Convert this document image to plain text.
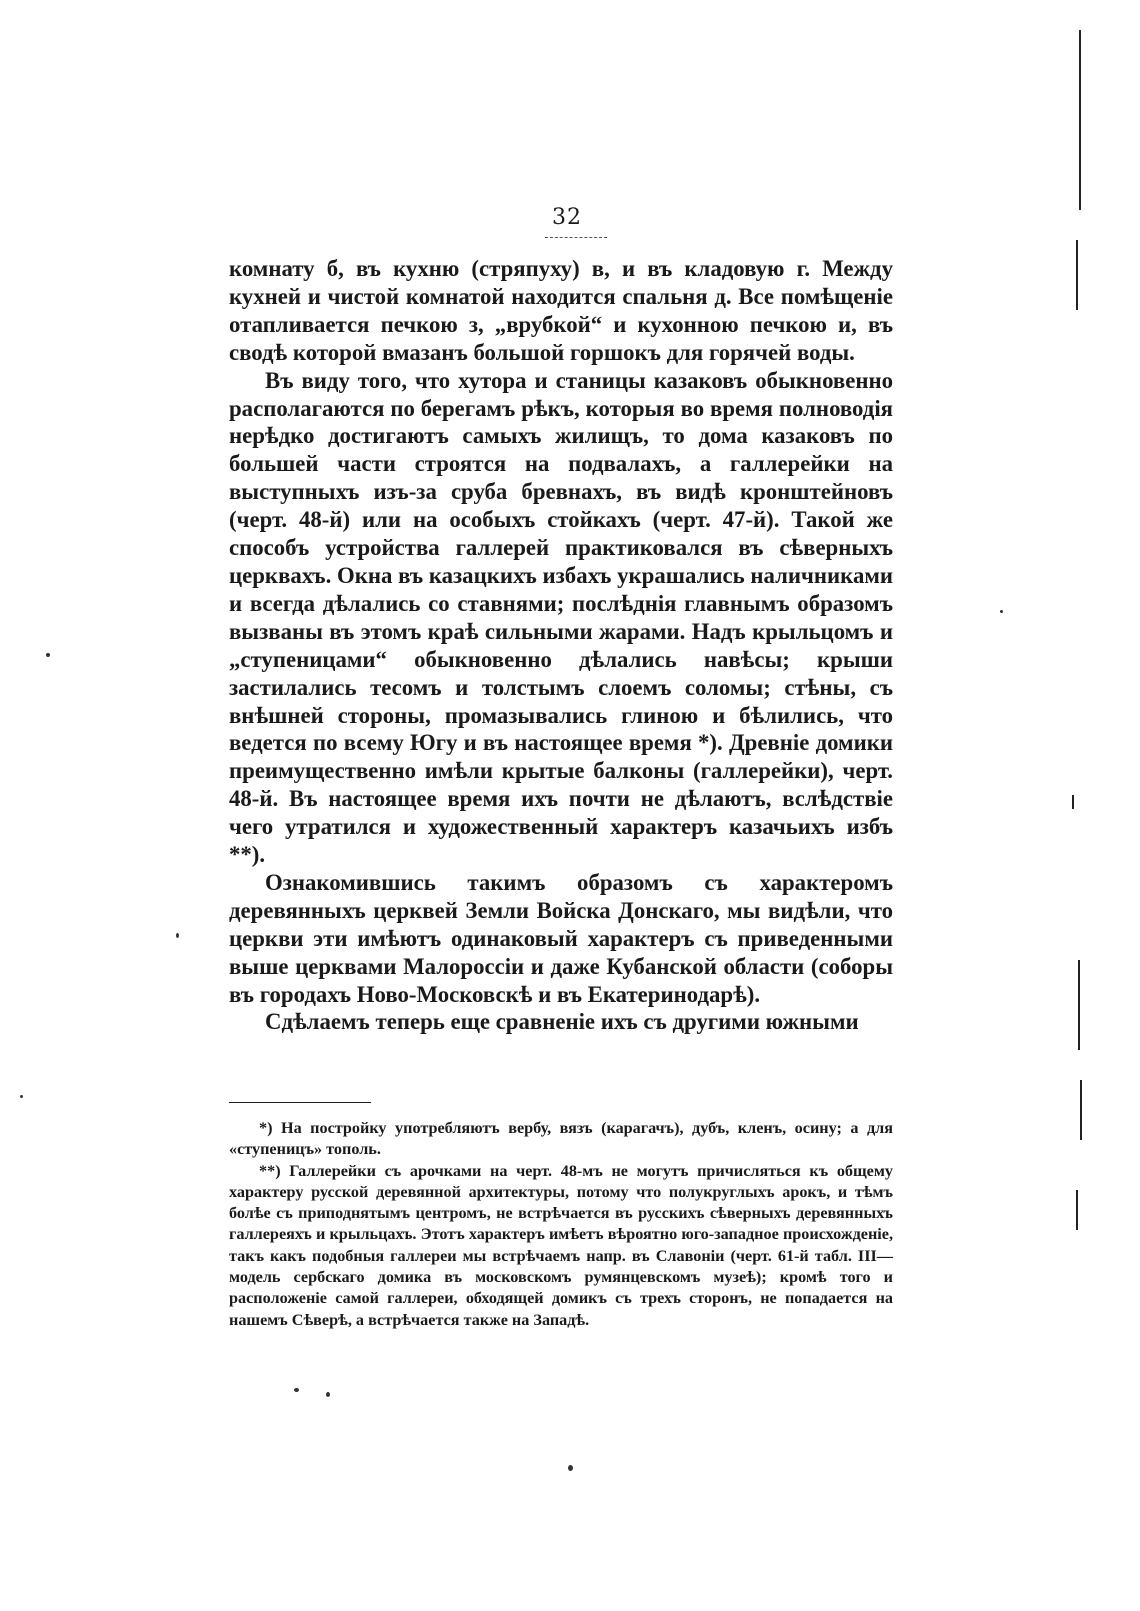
32

комнату б, въ кухню (стряпуху) в, и въ кладовую г. Между кухней и чистой комнатой находится спальня д. Все помѣщеніе отапливается печкою з, „врубкой“ и кухонною печкою и, въ сводѣ которой вмазанъ большой горшокъ для горячей воды.

Въ виду того, что хутора и станицы казаковъ обыкновенно располагаются по берегамъ рѣкъ, которыя во время полноводія нерѣдко достигаютъ самыхъ жилищъ, то дома казаковъ по большей части строятся на подвалахъ, а галлерейки на выступныхъ изъ-за сруба бревнахъ, въ видѣ кронштейновъ (черт. 48-й) или на особыхъ стойкахъ (черт. 47-й). Такой же способъ устройства галлерей практиковался въ сѣверныхъ церквахъ. Окна въ казацкихъ избахъ украшались наличниками и всегда дѣлались со ставнями; послѣднія главнымъ образомъ вызваны въ этомъ краѣ сильными жарами. Надъ крыльцомъ и „ступеницами“ обыкновенно дѣлались навѣсы; крыши застилались тесомъ и толстымъ слоемъ соломы; стѣны, съ внѣшней стороны, промазывались глиною и бѣлились, что ведется по всему Югу и въ настоящее время *). Древніе домики преимущественно имѣли крытые балконы (галлерейки), черт. 48-й. Въ настоящее время ихъ почти не дѣлаютъ, вслѣдствіе чего утратился и художественный характеръ казачьихъ избъ **).

Ознакомившись такимъ образомъ съ характеромъ деревянныхъ церквей Земли Войска Донскаго, мы видѣли, что церкви эти имѣютъ одинаковый характеръ съ приведенными выше церквами Малороссіи и даже Кубанской области (соборы въ городахъ Ново-Московскѣ и въ Екатеринодарѣ).

Сдѣлаемъ теперь еще сравненіе ихъ съ другими южными

*) На постройку употребляютъ вербу, вязъ (карагачъ), дубъ, кленъ, осину; а для «ступеницъ» тополь.

**) Галлерейки съ арочками на черт. 48-мъ не могутъ причисляться къ общему характеру русской деревянной архитектуры, потому что полукруглыхъ арокъ, и тѣмъ болѣе съ приподнятымъ центромъ, не встрѣчается въ русскихъ сѣверныхъ деревянныхъ галлереяхъ и крыльцахъ. Этотъ характеръ имѣетъ вѣроятно юго-западное происхожденіе, такъ какъ подобныя галлереи мы встрѣчаемъ напр. въ Славоніи (черт. 61-й табл. III—модель сербскаго домика въ московскомъ румянцевскомъ музеѣ); кромѣ того и расположеніе самой галлереи, обходящей домикъ съ трехъ сторонъ, не попадается на нашемъ Сѣверѣ, а встрѣчается также на Западѣ.
